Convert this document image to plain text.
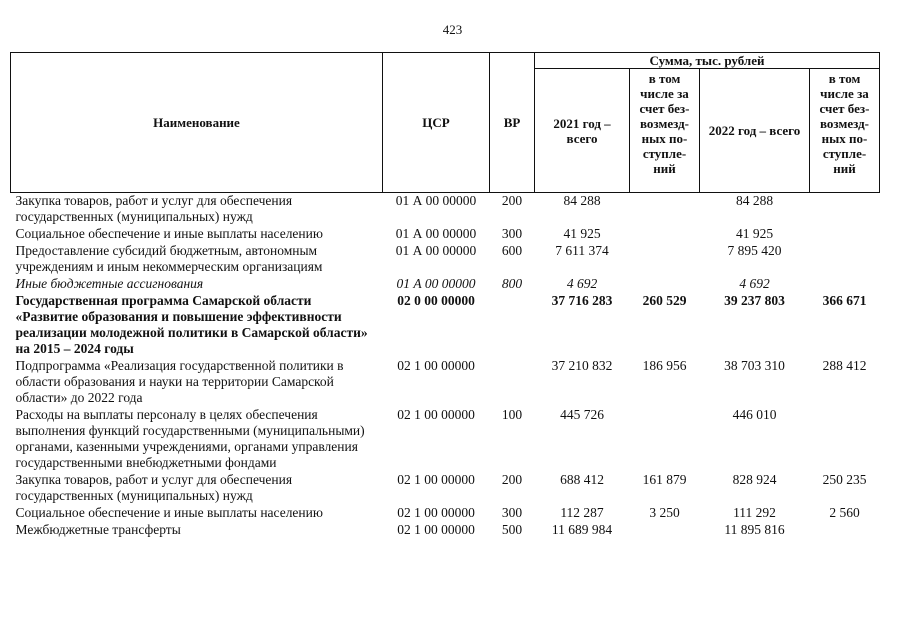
423
Наименование	ЦСР	ВР	Сумма, тыс. рублей			
			2021 год – всего	в том числе за счет без-возмезд-ных по-ступле-ний	2022 год – всего	в том числе за счет без-возмезд-ных по-ступле-ний
Закупка товаров, работ и услуг для обеспечения государственных (муниципальных) нужд	01 А 00 00000	200	84 288		84 288	
Социальное обеспечение и иные выплаты населению	01 А 00 00000	300	41 925		41 925	
Предоставление субсидий бюджетным, автономным учреждениям и иным некоммерческим организациям	01 А 00 00000	600	7 611 374		7 895 420	
Иные бюджетные ассигнования	01 А 00 00000	800	4 692		4 692	
Государственная программа Самарской области «Развитие образования и повышение эффективности реализации молодежной политики в Самарской области» на 2015 – 2024 годы	02 0 00 00000		37 716 283	260 529	39 237 803	366 671
Подпрограмма «Реализация государственной политики в области образования и науки на территории Самарской области» до 2022 года	02 1 00 00000		37 210 832	186 956	38 703 310	288 412
Расходы на выплаты персоналу в целях обеспечения выполнения функций государственными (муниципальными) органами, казенными учреждениями, органами управления государственными внебюджетными фондами	02 1 00 00000	100	445 726		446 010	
Закупка товаров, работ и услуг для обеспечения государственных (муниципальных) нужд	02 1 00 00000	200	688 412	161 879	828 924	250 235
Социальное обеспечение и иные выплаты населению	02 1 00 00000	300	112 287	3 250	111 292	2 560
Межбюджетные трансферты	02 1 00 00000	500	11 689 984		11 895 816	
